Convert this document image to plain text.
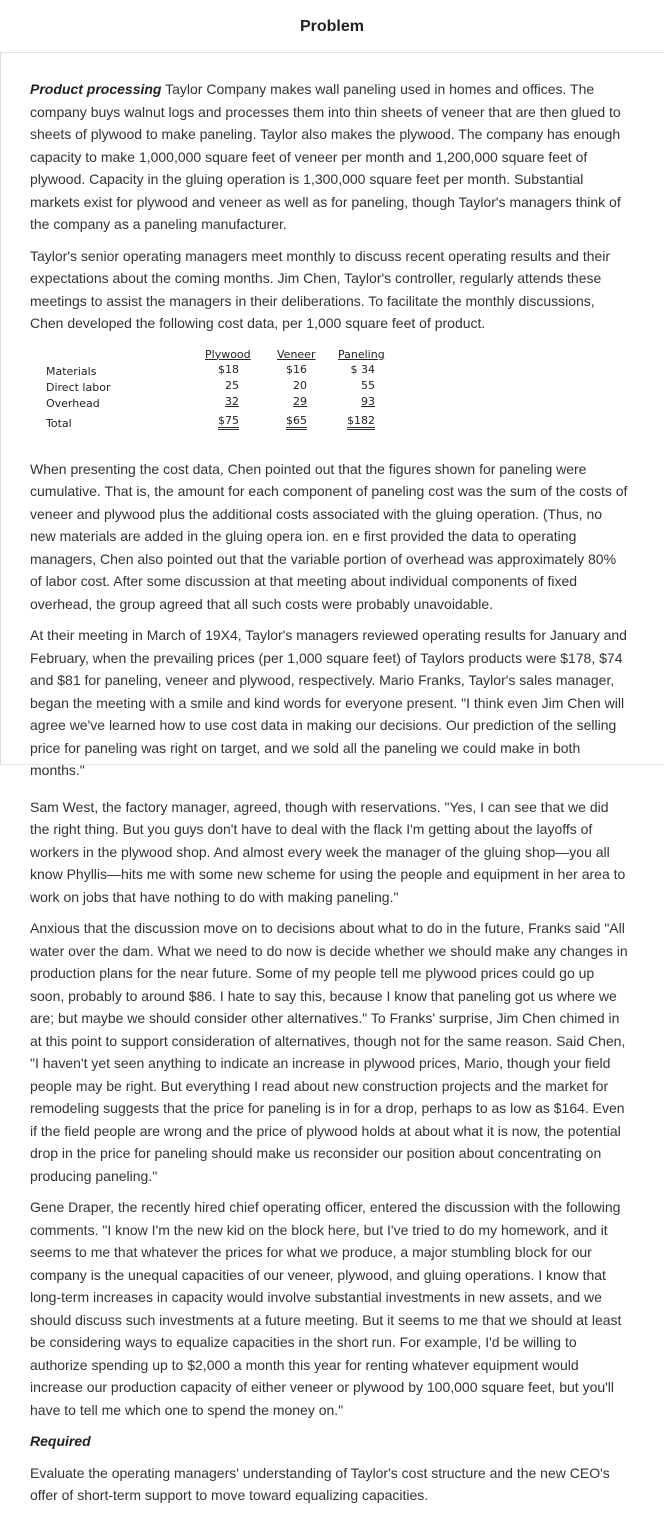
Problem

Product processing Taylor Company makes wall paneling used in homes and offices. The company buys walnut logs and processes them into thin sheets of veneer that are then glued to sheets of plywood to make paneling. Taylor also makes the plywood. The company has enough capacity to make 1,000,000 square feet of veneer per month and 1,200,000 square feet of plywood. Capacity in the gluing operation is 1,300,000 square feet per month. Substantial markets exist for plywood and veneer as well as for paneling, though Taylor's managers think of the company as a paneling manufacturer.

Taylor's senior operating managers meet monthly to discuss recent operating results and their expectations about the coming months. Jim Chen, Taylor's controller, regularly attends these meetings to assist the managers in their deliberations. To facilitate the monthly discussions, Chen developed the following cost data, per 1,000 square feet of product.

Plywood Veneer Paneling
Materials	$18	$16	$ 34
Direct labor	25	20	55
Overhead	32	29	93
Total	$75	$65	$182

When presenting the cost data, Chen pointed out that the figures shown for paneling were cumulative. That is, the amount for each component of paneling cost was the sum of the costs of veneer and plywood plus the additional costs associated with the gluing operation. (Thus, no new materials are added in the gluing opera ion. en e first provided the data to operating managers, Chen also pointed out that the variable portion of overhead was approximately 80% of labor cost. After some discussion at that meeting about individual components of fixed overhead, the group agreed that all such costs were probably unavoidable.

At their meeting in March of 19X4, Taylor's managers reviewed operating results for January and February, when the prevailing prices (per 1,000 square feet) of Taylors products were $178, $74 and $81 for paneling, veneer and plywood, respectively. Mario Franks, Taylor's sales manager, began the meeting with a smile and kind words for everyone present. "I think even Jim Chen will agree we've learned how to use cost data in making our decisions. Our prediction of the selling price for paneling was right on target, and we sold all the paneling we could make in both months."

Sam West, the factory manager, agreed, though with reservations. "Yes, I can see that we did the right thing. But you guys don't have to deal with the flack I'm getting about the layoffs of workers in the plywood shop. And almost every week the manager of the gluing shop—you all know Phyllis—hits me with some new scheme for using the people and equipment in her area to work on jobs that have nothing to do with making paneling."

Anxious that the discussion move on to decisions about what to do in the future, Franks said "All water over the dam. What we need to do now is decide whether we should make any changes in production plans for the near future. Some of my people tell me plywood prices could go up soon, probably to around $86. I hate to say this, because I know that paneling got us where we are; but maybe we should consider other alternatives." To Franks' surprise, Jim Chen chimed in at this point to support consideration of alternatives, though not for the same reason. Said Chen, "I haven't yet seen anything to indicate an increase in plywood prices, Mario, though your field people may be right. But everything I read about new construction projects and the market for remodeling suggests that the price for paneling is in for a drop, perhaps to as low as $164. Even if the field people are wrong and the price of plywood holds at about what it is now, the potential drop in the price for paneling should make us reconsider our position about concentrating on producing paneling."

Gene Draper, the recently hired chief operating officer, entered the discussion with the following comments. "I know I'm the new kid on the block here, but I've tried to do my homework, and it seems to me that whatever the prices for what we produce, a major stumbling block for our company is the unequal capacities of our veneer, plywood, and gluing operations. I know that long-term increases in capacity would involve substantial investments in new assets, and we should discuss such investments at a future meeting. But it seems to me that we should at least be considering ways to equalize capacities in the short run. For example, I'd be willing to authorize spending up to $2,000 a month this year for renting whatever equipment would increase our production capacity of either veneer or plywood by 100,000 square feet, but you'll have to tell me which one to spend the money on."

Required

Evaluate the operating managers' understanding of Taylor's cost structure and the new CEO's offer of short-term support to move toward equalizing capacities.
